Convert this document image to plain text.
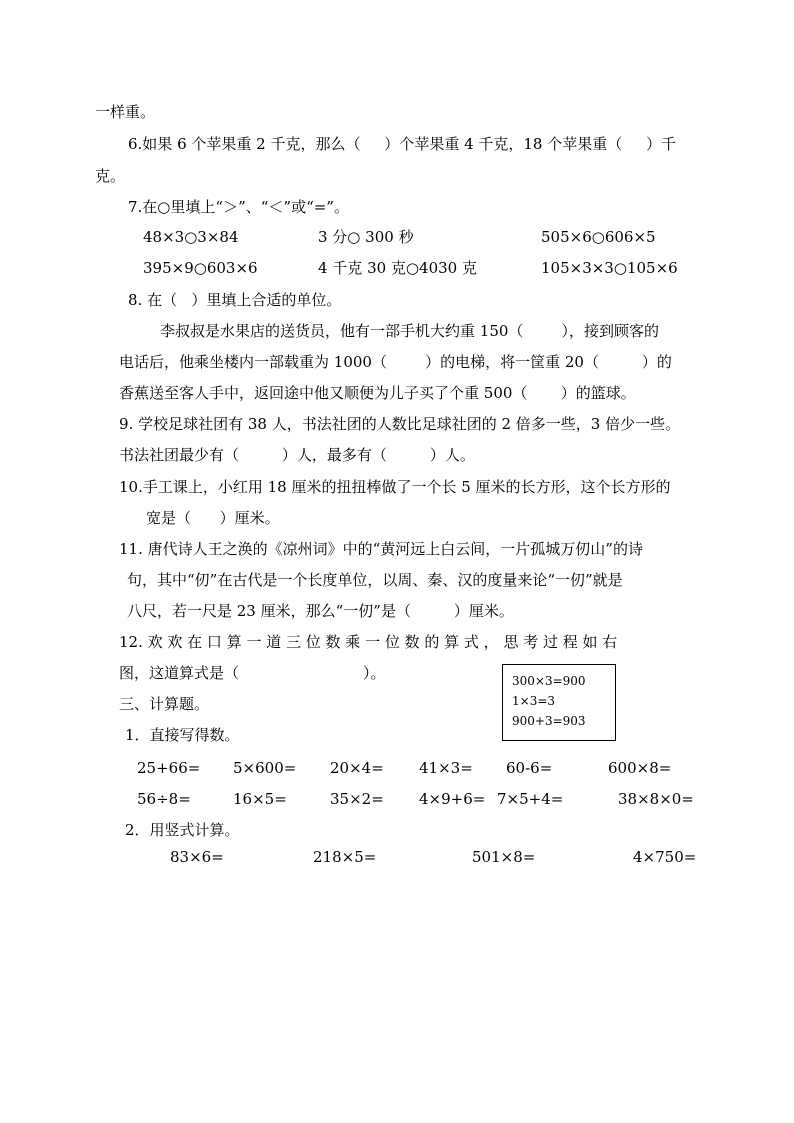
一样重。
6.如果 6 个苹果重 2 千克，那么（     ）个苹果重 4 千克，18 个苹果重（     ）千
克。
7.在○里填上“＞”、“＜”或“=”。
48×3○3×84	3 分○ 300 秒	505×6○606×5
395×9○603×6	4 千克 30 克○4030 克	105×3×3○105×6
8. 在（   ）里填上合适的单位。
李叔叔是水果店的送货员，他有一部手机大约重 150（        ），接到顾客的
电话后，他乘坐楼内一部载重为 1000（        ）的电梯，将一筐重 20（         ）的
香蕉送至客人手中，返回途中他又顺便为儿子买了个重 500（       ）的篮球。
9. 学校足球社团有 38 人，书法社团的人数比足球社团的 2 倍多一些，3 倍少一些。
书法社团最少有（         ）人，最多有（         ）人。
10.手工课上，小红用 18 厘米的扭扭棒做了一个长 5 厘米的长方形，这个长方形的
宽是（      ）厘米。
11. 唐代诗人王之涣的《凉州词》中的“黄河远上白云间，一片孤城万仞山”的诗
句，其中“仞”在古代是一个长度单位，以周、秦、汉的度量来论“一仞”就是
八尺，若一尺是 23 厘米，那么“一仞”是（         ）厘米。
12. 欢 欢 在 口 算 一 道 三 位 数 乘 一 位 数 的 算 式 ， 思 考 过 程 如 右
图，这道算式是（                          ）。	300×3=900
1×3=3
900+3=903
三、计算题。
1．直接写得数。
25+66= 5×600= 20×4= 41×3= 60-6=	600×8=
56÷8=	16×5=	35×2= 4×9+6= 7×5+4=	38×8×0=
2．用竖式计算。
83×6=	218×5=	501×8=	4×750=
